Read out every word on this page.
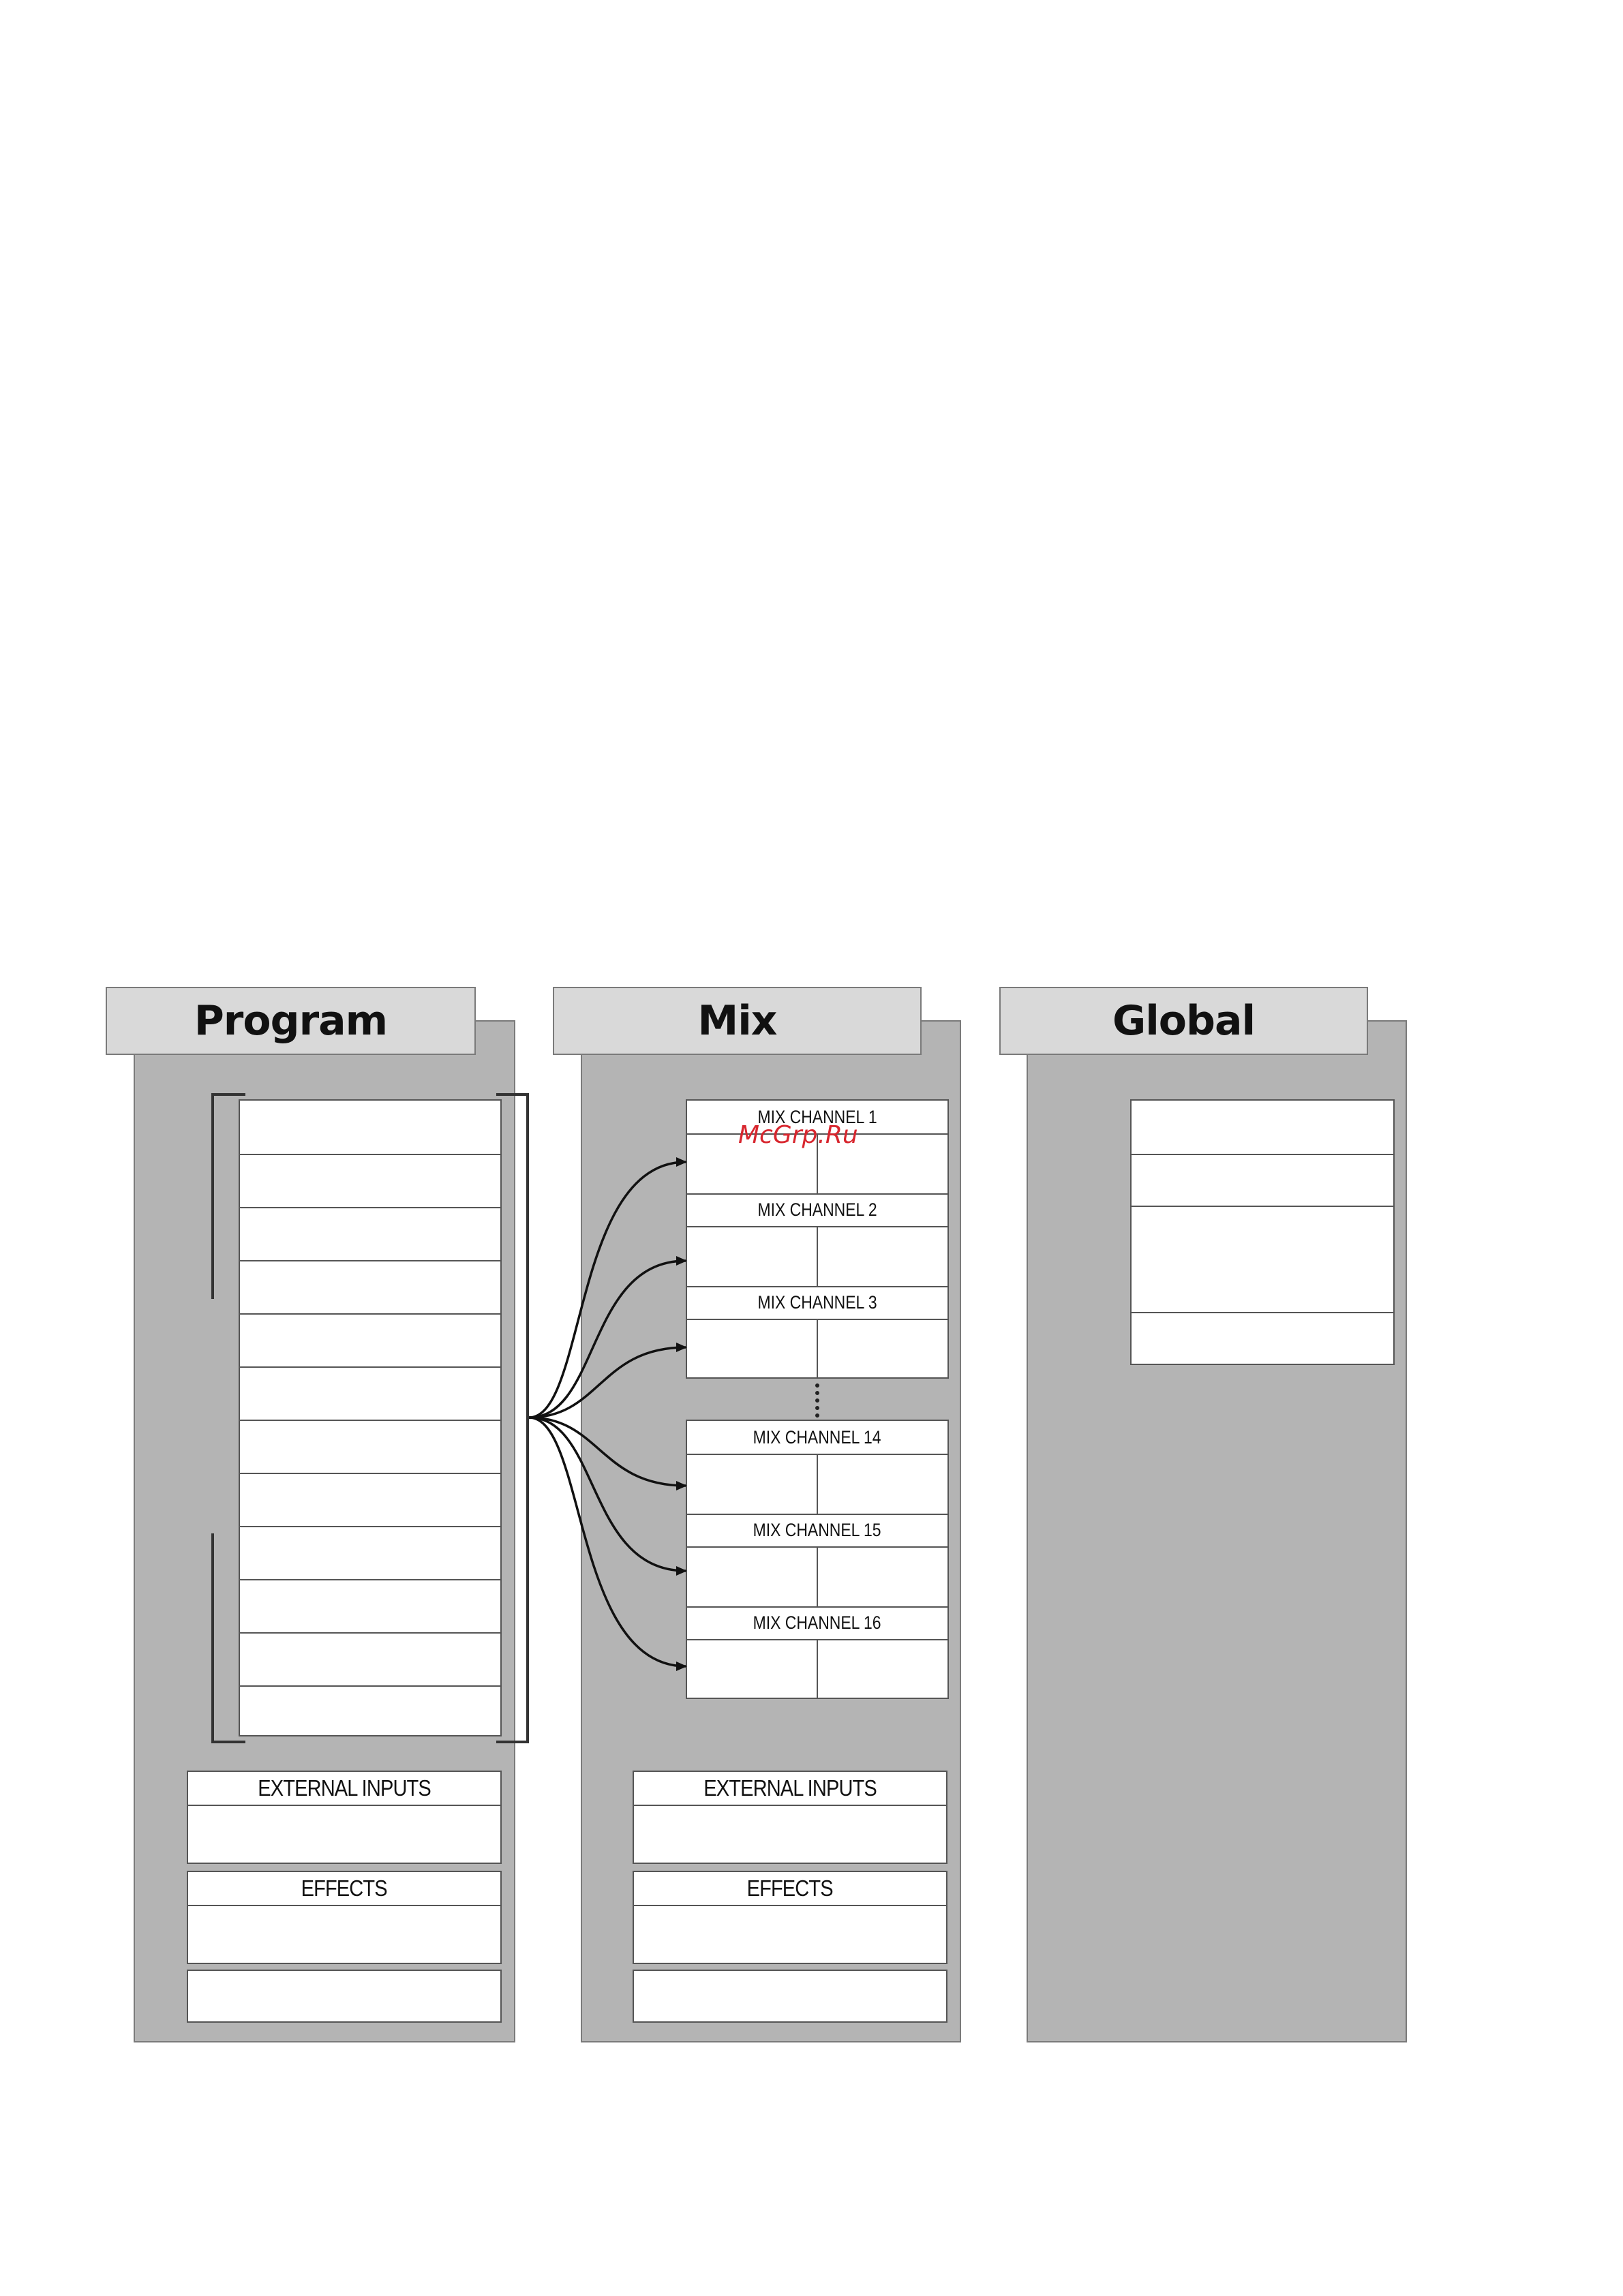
Program
EXTERNAL INPUTS
EFFECTS
Mix
MIX CHANNEL 1
MIX CHANNEL 2
MIX CHANNEL 3
MIX CHANNEL 14
MIX CHANNEL 15
MIX CHANNEL 16
EXTERNAL INPUTS
EFFECTS
Global
McGrp.Ru
